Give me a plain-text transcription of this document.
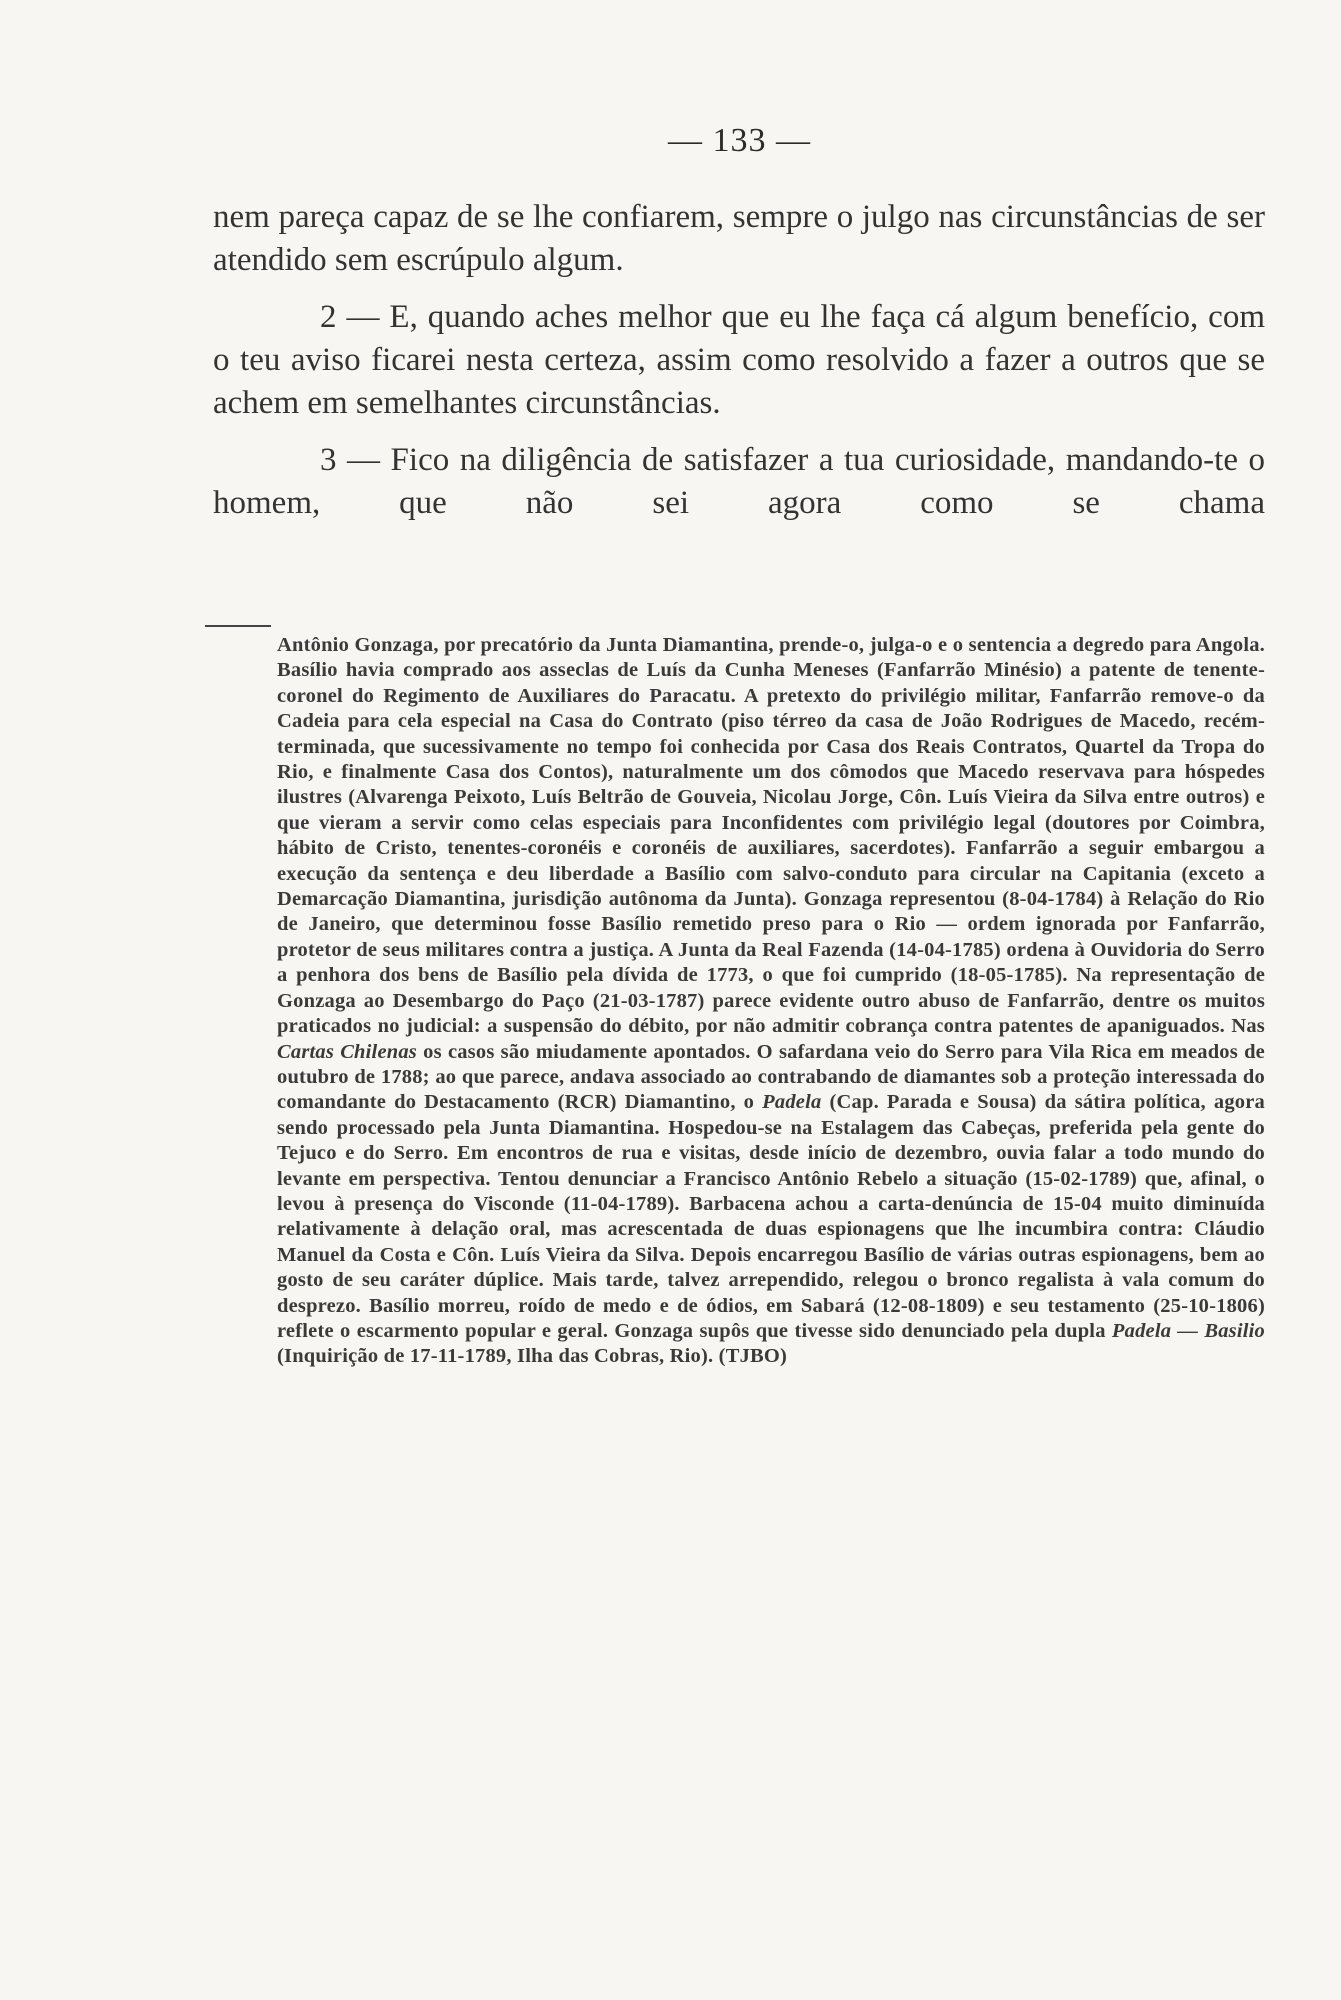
— 133 —

nem pareça capaz de se lhe confiarem, sempre o julgo nas circunstâncias de ser atendido sem escrúpulo algum.

2 — E, quando aches melhor que eu lhe faça cá algum benefício, com o teu aviso ficarei nesta certeza, assim como resolvido a fazer a outros que se achem em semelhantes circunstâncias.

3 — Fico na diligência de satisfazer a tua curiosidade, mandando-te o homem, que não sei agora como se chama

Antônio Gonzaga, por precatório da Junta Diamantina, prende-o, julga-o e o sentencia a degredo para Angola. Basílio havia comprado aos asseclas de Luís da Cunha Meneses (Fanfarrão Minésio) a patente de tenente-coronel do Regimento de Auxiliares do Paracatu. A pretexto do privilégio militar, Fanfarrão remove-o da Cadeia para cela especial na Casa do Contrato (piso térreo da casa de João Rodrigues de Macedo, recém-terminada, que sucessivamente no tempo foi conhecida por Casa dos Reais Contratos, Quartel da Tropa do Rio, e finalmente Casa dos Contos), naturalmente um dos cômodos que Macedo reservava para hóspedes ilustres (Alvarenga Peixoto, Luís Beltrão de Gouveia, Nicolau Jorge, Côn. Luís Vieira da Silva entre outros) e que vieram a servir como celas especiais para Inconfidentes com privilégio legal (doutores por Coimbra, hábito de Cristo, tenentes-coronéis e coronéis de auxiliares, sacerdotes). Fanfarrão a seguir embargou a execução da sentença e deu liberdade a Basílio com salvo-conduto para circular na Capitania (exceto a Demarcação Diamantina, jurisdição autônoma da Junta). Gonzaga representou (8-04-1784) à Relação do Rio de Janeiro, que determinou fosse Basílio remetido preso para o Rio — ordem ignorada por Fanfarrão, protetor de seus militares contra a justiça. A Junta da Real Fazenda (14-04-1785) ordena à Ouvidoria do Serro a penhora dos bens de Basílio pela dívida de 1773, o que foi cumprido (18-05-1785). Na representação de Gonzaga ao Desembargo do Paço (21-03-1787) parece evidente outro abuso de Fanfarrão, dentre os muitos praticados no judicial: a suspensão do débito, por não admitir cobrança contra patentes de apaniguados. Nas Cartas Chilenas os casos são miudamente apontados. O safardana veio do Serro para Vila Rica em meados de outubro de 1788; ao que parece, andava associado ao contrabando de diamantes sob a proteção interessada do comandante do Destacamento (RCR) Diamantino, o Padela (Cap. Parada e Sousa) da sátira política, agora sendo processado pela Junta Diamantina. Hospedou-se na Estalagem das Cabeças, preferida pela gente do Tejuco e do Serro. Em encontros de rua e visitas, desde início de dezembro, ouvia falar a todo mundo do levante em perspectiva. Tentou denunciar a Francisco Antônio Rebelo a situação (15-02-1789) que, afinal, o levou à presença do Visconde (11-04-1789). Barbacena achou a carta-denúncia de 15-04 muito diminuída relativamente à delação oral, mas acrescentada de duas espionagens que lhe incumbira contra: Cláudio Manuel da Costa e Côn. Luís Vieira da Silva. Depois encarregou Basílio de várias outras espionagens, bem ao gosto de seu caráter dúplice. Mais tarde, talvez arrependido, relegou o bronco regalista à vala comum do desprezo. Basílio morreu, roído de medo e de ódios, em Sabará (12-08-1809) e seu testamento (25-10-1806) reflete o escarmento popular e geral. Gonzaga supôs que tivesse sido denunciado pela dupla Padela — Basilio (Inquirição de 17-11-1789, Ilha das Cobras, Rio). (TJBO)
